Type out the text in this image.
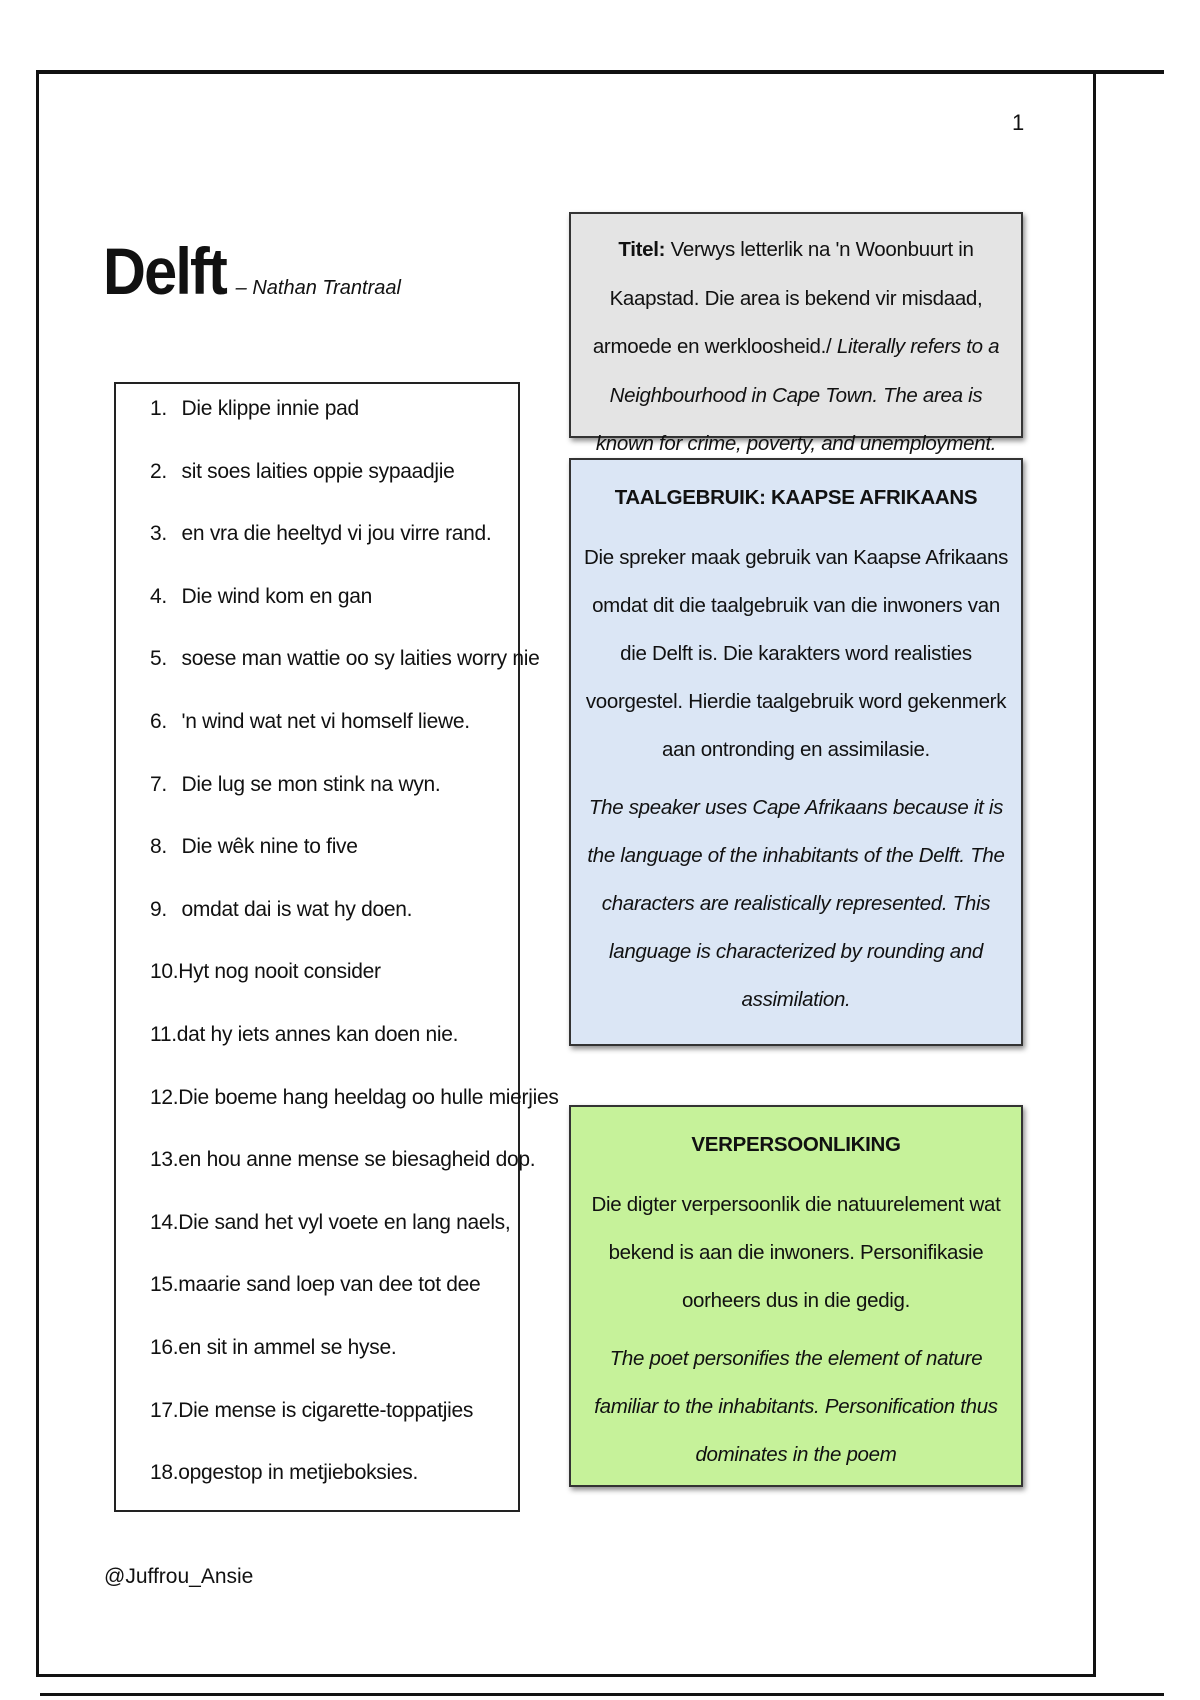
1
Delft – Nathan Trantraal
1. Die klippe innie pad
2. sit soes laities oppie sypaadjie
3. en vra die heeltyd vi jou virre rand.
4. Die wind kom en gan
5. soese man wattie oo sy laities worry nie
6. 'n wind wat net vi homself liewe.
7. Die lug se mon stink na wyn.
8. Die wêk nine to five
9. omdat dai is wat hy doen.
10.Hyt nog nooit consider
11.dat hy iets annes kan doen nie.
12.Die boeme hang heeldag oo hulle mierjies
13.en hou anne mense se biesagheid dop.
14.Die sand het vyl voete en lang naels,
15.maarie sand loep van dee tot dee
16.en sit in ammel se hyse.
17.Die mense is cigarette-toppatjies
18.opgestop in metjieboksies.
Titel: Verwys letterlik na 'n Woonbuurt in Kaapstad. Die area is bekend vir misdaad, armoede en werkloosheid./ Literally refers to a Neighbourhood in Cape Town. The area is known for crime, poverty, and unemployment.
TAALGEBRUIK: KAAPSE AFRIKAANS

Die spreker maak gebruik van Kaapse Afrikaans omdat dit die taalgebruik van die inwoners van die Delft is. Die karakters word realisties voorgestel. Hierdie taalgebruik word gekenmerk aan ontronding en assimilasie.

The speaker uses Cape Afrikaans because it is the language of the inhabitants of the Delft. The characters are realistically represented. This language is characterized by rounding and assimilation.

VERPERSOONLIKING

Die digter verpersoonlik die natuurelement wat bekend is aan die inwoners. Personifikasie oorheers dus in die gedig.

The poet personifies the element of nature familiar to the inhabitants. Personification thus dominates in the poem

@Juffrou_Ansie
